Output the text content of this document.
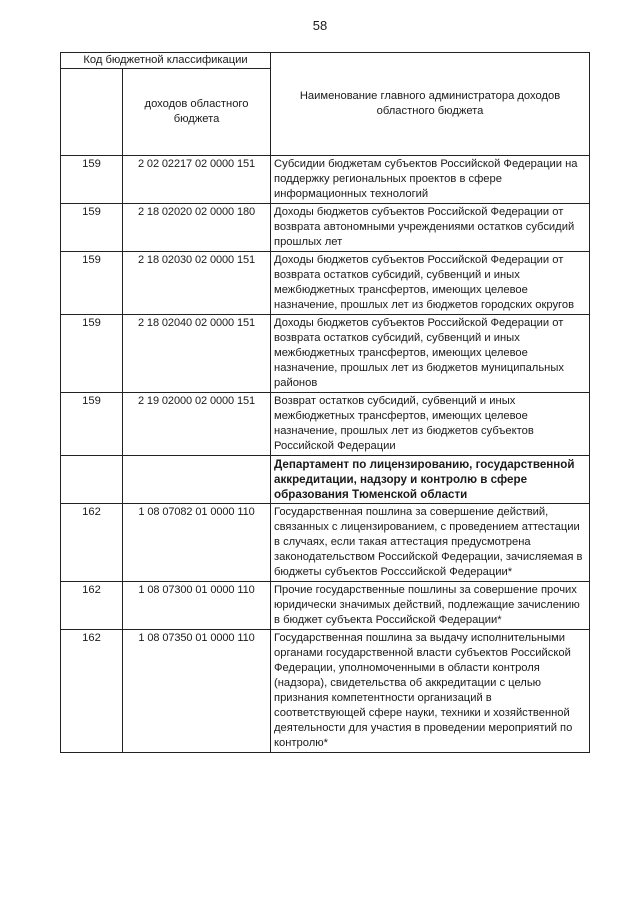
58
Код бюджетной классификации		Наименование главного администратора доходов областного бюджета
	доходов областного бюджета	
159	2 02 02217 02 0000 151	Субсидии бюджетам субъектов Российской Федерации на поддержку региональных проектов в сфере информационных технологий
159	2 18 02020 02 0000 180	Доходы бюджетов субъектов Российской Федерации от возврата автономными учреждениями остатков субсидий прошлых лет
159	2 18 02030 02 0000 151	Доходы бюджетов субъектов Российской Федерации от возврата остатков субсидий, субвенций и иных межбюджетных трансфертов, имеющих целевое назначение, прошлых лет из бюджетов городских округов
159	2 18 02040 02 0000 151	Доходы бюджетов субъектов Российской Федерации от возврата остатков субсидий, субвенций и иных межбюджетных трансфертов, имеющих целевое назначение, прошлых лет из бюджетов муниципальных районов
159	2 19 02000 02 0000 151	Возврат остатков субсидий, субвенций и иных межбюджетных трансфертов, имеющих целевое назначение, прошлых лет из бюджетов субъектов Российской Федерации
		Департамент по лицензированию, государственной аккредитации, надзору и контролю в сфере образования Тюменской области
162	1 08 07082 01 0000 110	Государственная пошлина за совершение действий, связанных с лицензированием, с проведением аттестации в случаях, если такая аттестация предусмотрена законодательством Российской Федерации, зачисляемая в бюджеты субъектов Росссийской Федерации*
162	1 08 07300 01 0000 110	Прочие государственные пошлины за совершение прочих юридически значимых действий, подлежащие зачислению в бюджет субъекта Российской Федерации*
162	1 08 07350 01 0000 110	Государственная пошлина за выдачу исполнительными органами государственной власти субъектов Российской Федерации, уполномоченными в области контроля (надзора), свидетельства об аккредитации с целью признания компетентности организаций в соответствующей сфере науки, техники и хозяйственной деятельности для участия в проведении мероприятий по контролю*
